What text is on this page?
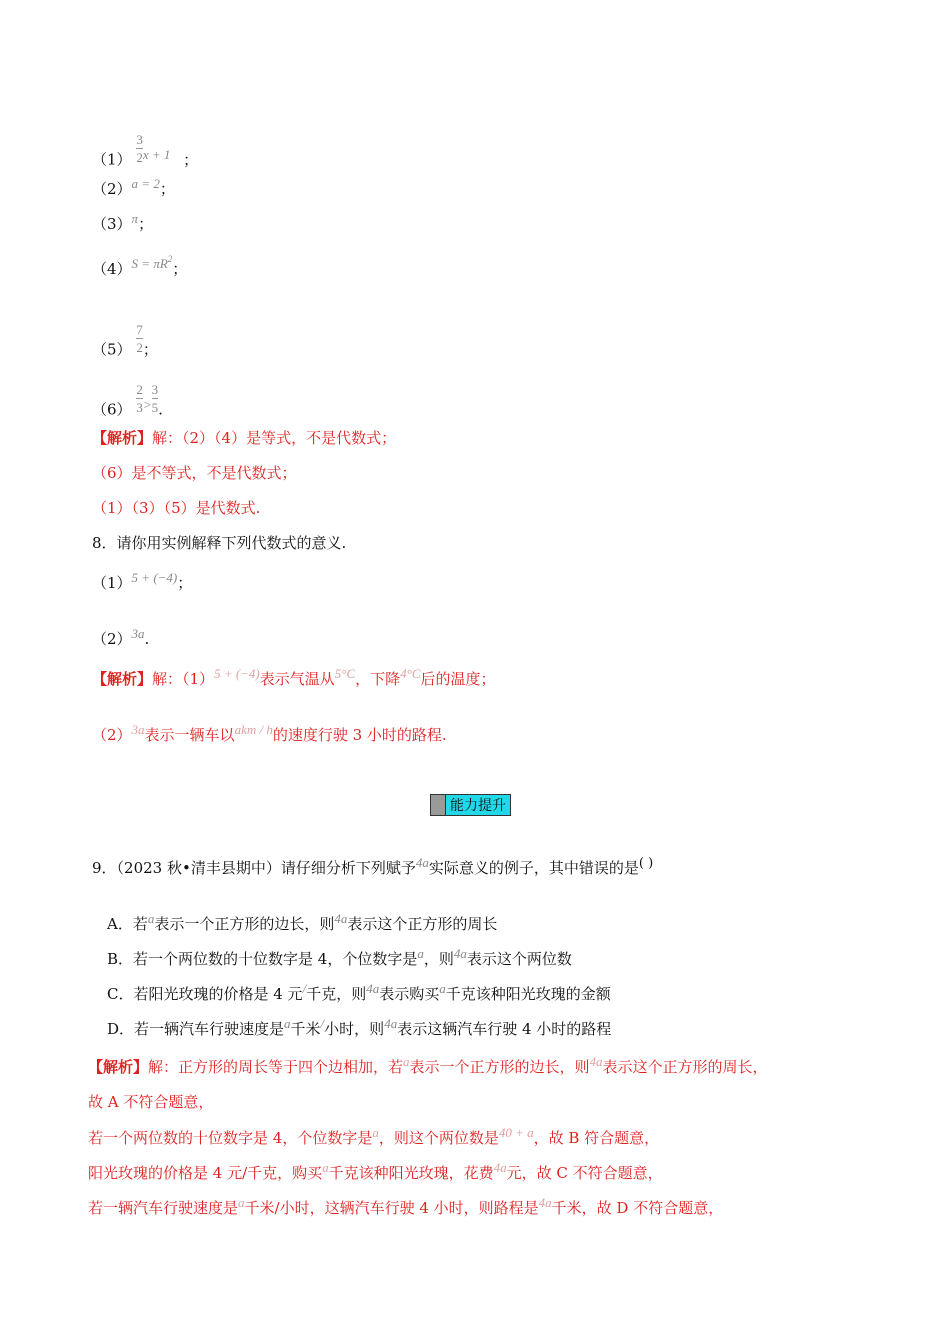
$(1) \frac{3}{2}$ x + 1 ；
（2）a = 2；
（3）π；
$(4)S = \pi R^2$；
$(5) \frac{7}{2}$ ；
$(6) \frac{2}{3} > \frac{3}{5}$ .
【解析】解：（2）（4）是等式，不是代数式；
（6）是不等式，不是代数式；
（1）（3）（5）是代数式.
8．请你用实例解释下列代数式的意义.
（1）5 + (−4)；
（2）3a.
【解析】解：（1）5 + (−4)表示气温从5°C，下降4°C后的温度；
（2）3a表示一辆车以akm / h的速度行驶 3 小时的路程.
能力提升
9．（2023 秋•清丰县期中）请仔细分析下列赋予4a实际意义的例子，其中错误的是( )
A．若a表示一个正方形的边长，则4a表示这个正方形的周长
B．若一个两位数的十位数字是 4，个位数字是a，则4a表示这个两位数
C．若阳光玫瑰的价格是 4 元/千克，则4a表示购买a千克该种阳光玫瑰的金额
D．若一辆汽车行驶速度是a千米/小时，则4a表示这辆汽车行驶 4 小时的路程
【解析】解：正方形的周长等于四个边相加，若a表示一个正方形的边长，则4a表示这个正方形的周长，
故 A 不符合题意，
若一个两位数的十位数字是 4，个位数字是a，则这个两位数是40 + a，故 B 符合题意，
阳光玫瑰的价格是 4 元/千克，购买a千克该种阳光玫瑰，花费4a元，故 C 不符合题意，
若一辆汽车行驶速度是a千米/小时，这辆汽车行驶 4 小时，则路程是4a千米，故 D 不符合题意，
